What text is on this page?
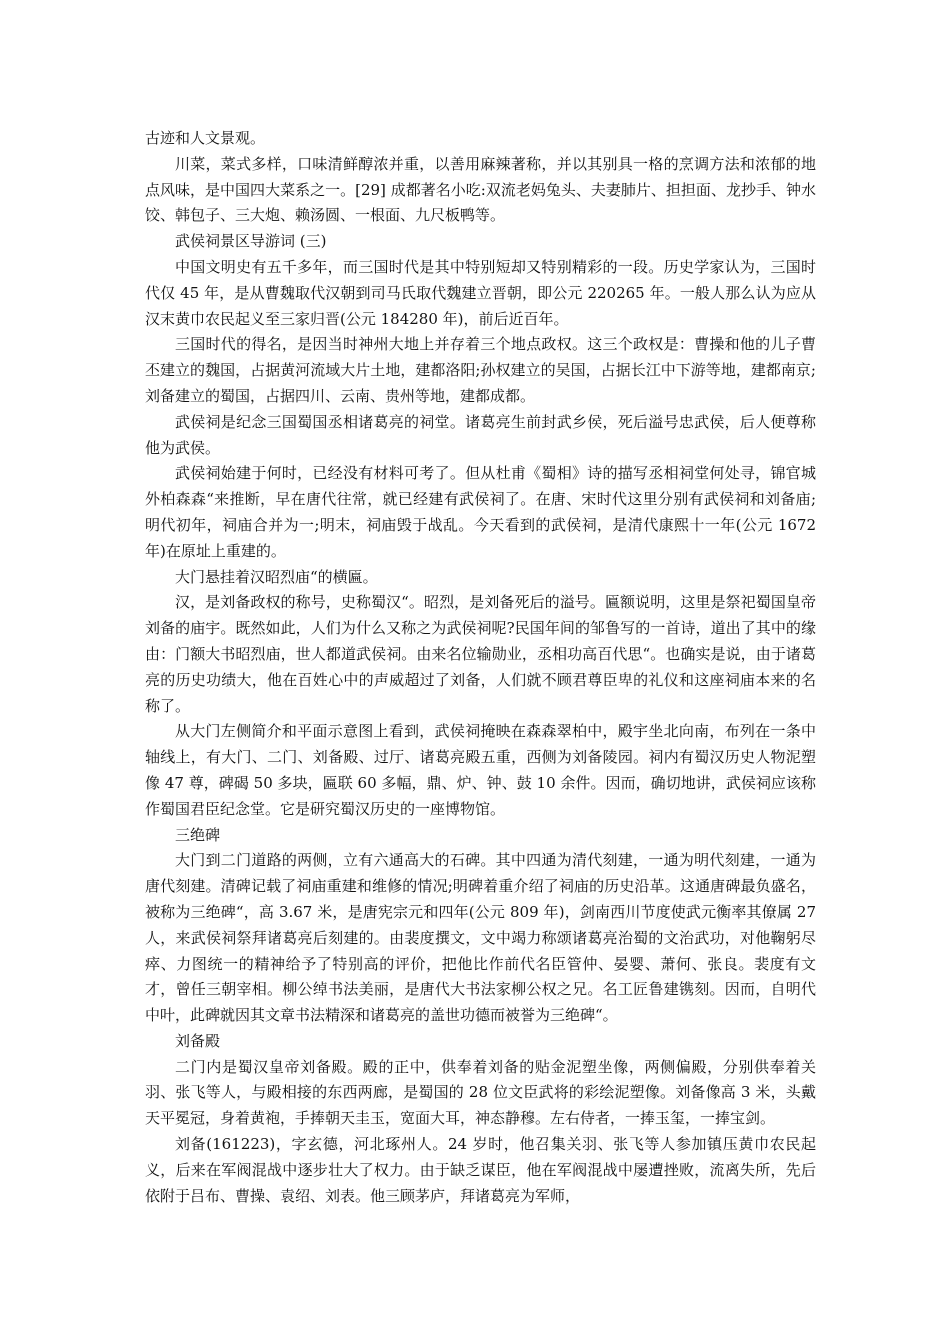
古迹和人文景观。

川菜，菜式多样，口味清鲜醇浓并重，以善用麻辣著称，并以其别具一格的烹调方法和浓郁的地点风味，是中国四大菜系之一。[29] 成都著名小吃:双流老妈兔头、夫妻肺片、担担面、龙抄手、钟水饺、韩包子、三大炮、赖汤圆、一根面、九尺板鸭等。

武侯祠景区导游词 (三)

中国文明史有五千多年，而三国时代是其中特别短却又特别精彩的一段。历史学家认为，三国时代仅 45 年，是从曹魏取代汉朝到司马氏取代魏建立晋朝，即公元 220265 年。一般人那么认为应从汉末黄巾农民起义至三家归晋(公元 184280 年)，前后近百年。

三国时代的得名，是因当时神州大地上并存着三个地点政权。这三个政权是：曹操和他的儿子曹丕建立的魏国，占据黄河流域大片土地，建都洛阳;孙权建立的吴国，占据长江中下游等地，建都南京;刘备建立的蜀国，占据四川、云南、贵州等地，建都成都。

武侯祠是纪念三国蜀国丞相诸葛亮的祠堂。诸葛亮生前封武乡侯，死后溢号忠武侯，后人便尊称他为武侯。

武侯祠始建于何时，已经没有材料可考了。但从杜甫《蜀相》诗的描写丞相祠堂何处寻，锦官城外柏森森“来推断，早在唐代往常，就已经建有武侯祠了。在唐、宋时代这里分别有武侯祠和刘备庙;明代初年，祠庙合并为一;明末，祠庙毁于战乱。今天看到的武侯祠，是清代康熙十一年(公元 1672 年)在原址上重建的。

大门悬挂着汉昭烈庙“的横匾。

汉，是刘备政权的称号，史称蜀汉“。昭烈，是刘备死后的溢号。匾额说明，这里是祭祀蜀国皇帝刘备的庙宇。既然如此，人们为什么又称之为武侯祠呢?民国年间的邹鲁写的一首诗，道出了其中的缘由：门额大书昭烈庙，世人都道武侯祠。由来名位输勋业，丞相功高百代思“。也确实是说，由于诸葛亮的历史功绩大，他在百姓心中的声威超过了刘备，人们就不顾君尊臣卑的礼仪和这座祠庙本来的名称了。

从大门左侧简介和平面示意图上看到，武侯祠掩映在森森翠柏中，殿宇坐北向南，布列在一条中轴线上，有大门、二门、刘备殿、过厅、诸葛亮殿五重，西侧为刘备陵园。祠内有蜀汉历史人物泥塑像 47 尊，碑碣 50 多块，匾联 60 多幅，鼎、炉、钟、鼓 10 余件。因而，确切地讲，武侯祠应该称作蜀国君臣纪念堂。它是研究蜀汉历史的一座博物馆。

三绝碑

大门到二门道路的两侧，立有六通高大的石碑。其中四通为清代刻建，一通为明代刻建，一通为唐代刻建。清碑记载了祠庙重建和维修的情况;明碑着重介绍了祠庙的历史沿革。这通唐碑最负盛名，被称为三绝碑“，高 3.67 米，是唐宪宗元和四年(公元 809 年)，剑南西川节度使武元衡率其僚属 27 人，来武侯祠祭拜诸葛亮后刻建的。由裴度撰文，文中竭力称颂诸葛亮治蜀的文治武功，对他鞠躬尽瘁、力图统一的精神给予了特别高的评价，把他比作前代名臣管仲、晏婴、萧何、张良。裴度有文才，曾任三朝宰相。柳公绰书法美丽，是唐代大书法家柳公权之兄。名工匠鲁建镌刻。因而，自明代中叶，此碑就因其文章书法精深和诸葛亮的盖世功德而被誉为三绝碑“。

刘备殿

二门内是蜀汉皇帝刘备殿。殿的正中，供奉着刘备的贴金泥塑坐像，两侧偏殿，分别供奉着关羽、张飞等人，与殿相接的东西两廊，是蜀国的 28 位文臣武将的彩绘泥塑像。刘备像高 3 米，头戴天平冕冠，身着黄袍，手捧朝天圭玉，宽面大耳，神态静穆。左右侍者，一捧玉玺，一捧宝剑。

刘备(161223)，字玄德，河北琢州人。24 岁时，他召集关羽、张飞等人参加镇压黄巾农民起义，后来在军阀混战中逐步壮大了权力。由于缺乏谋臣，他在军阀混战中屡遭挫败，流离失所，先后依附于吕布、曹操、袁绍、刘表。他三顾茅庐，拜诸葛亮为军师，
